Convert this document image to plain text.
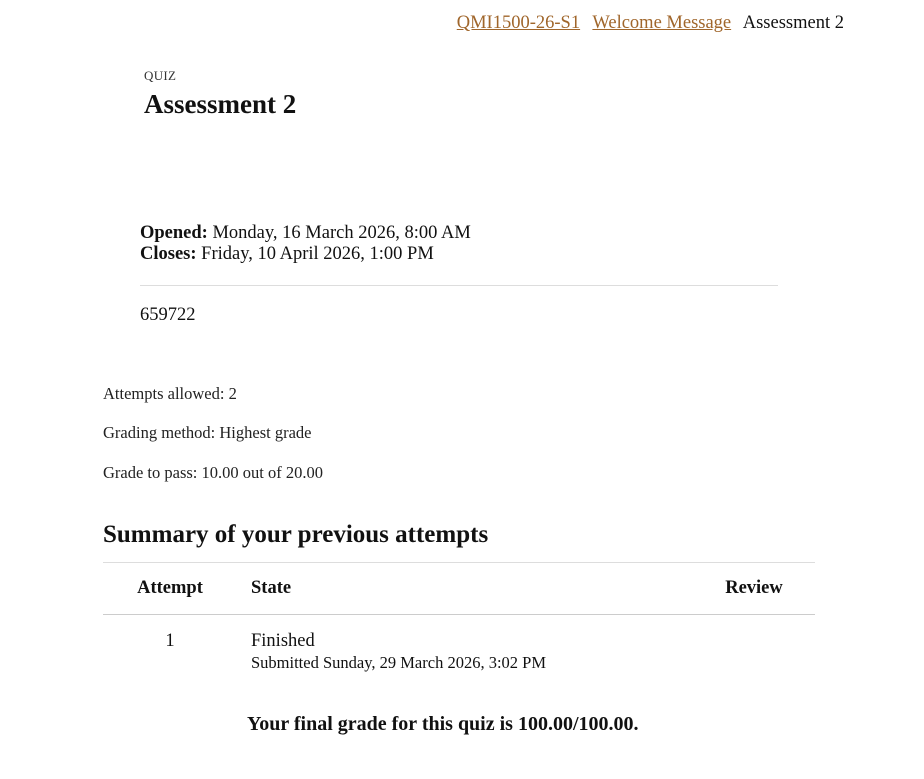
QMI1500-26-S1 Welcome Message Assessment 2
QUIZ
Assessment 2
Opened: Monday, 16 March 2026, 8:00 AM
Closes: Friday, 10 April 2026, 1:00 PM
659722
Attempts allowed: 2
Grading method: Highest grade
Grade to pass: 10.00 out of 20.00
Summary of your previous attempts
Attempt	State	Review
1	Finished
Submitted Sunday, 29 March 2026, 3:02 PM	

Your final grade for this quiz is 100.00/100.00.
